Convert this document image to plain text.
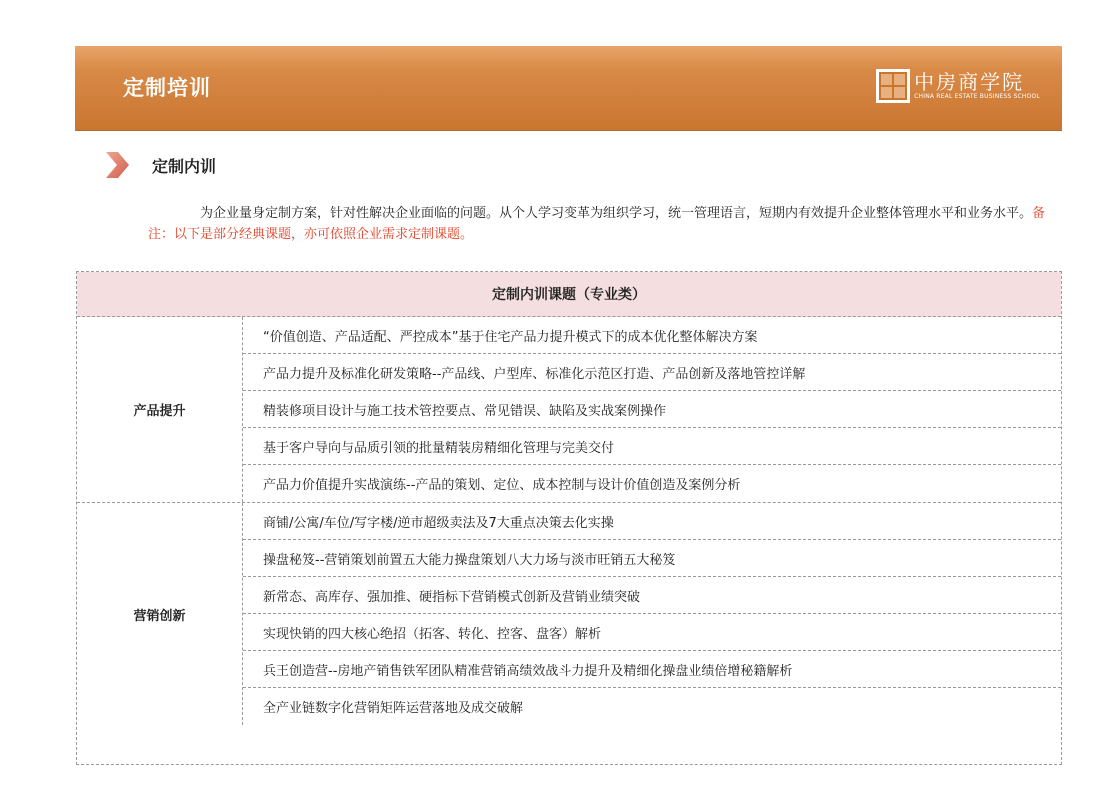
定制培训	中房商学院
CHINA REAL ESTATE BUSINESS SCHOOL
定制内训
为企业量身定制方案，针对性解决企业面临的问题。从个人学习变革为组织学习，统一管理语言，短期内有效提升企业整体管理水平和业务水平。备注：以下是部分经典课题，亦可依照企业需求定制课题。
定制内训课题（专业类）
产品提升
“价值创造、产品适配、严控成本”基于住宅产品力提升模式下的成本优化整体解决方案
产品力提升及标准化研发策略--产品线、户型库、标准化示范区打造、产品创新及落地管控详解
精装修项目设计与施工技术管控要点、常见错误、缺陷及实战案例操作
基于客户导向与品质引领的批量精装房精细化管理与完美交付
产品力价值提升实战演练--产品的策划、定位、成本控制与设计价值创造及案例分析
营销创新
商铺/公寓/车位/写字楼/逆市超级卖法及7大重点决策去化实操
操盘秘笈--营销策划前置五大能力操盘策划八大力场与淡市旺销五大秘笈
新常态、高库存、强加推、硬指标下营销模式创新及营销业绩突破
实现快销的四大核心绝招（拓客、转化、控客、盘客）解析
兵王创造营--房地产销售铁军团队精准营销高绩效战斗力提升及精细化操盘业绩倍增秘籍解析
全产业链数字化营销矩阵运营落地及成交破解
